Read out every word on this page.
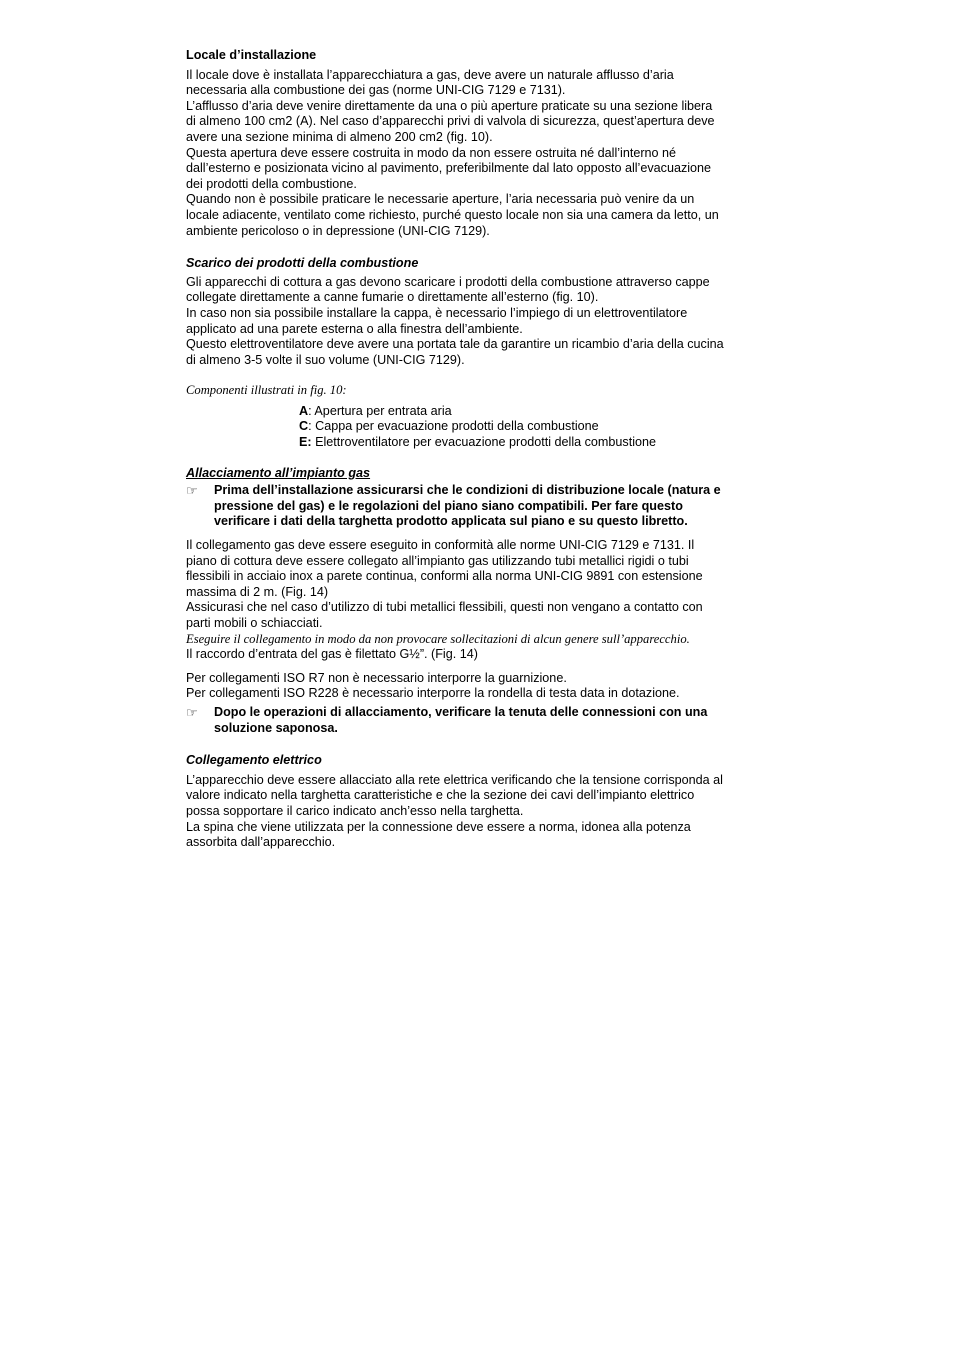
Locale d’installazione

Il locale dove è installata l’apparecchiatura a gas, deve avere un naturale afflusso d’aria

necessaria alla combustione dei gas (norme UNI-CIG 7129 e 7131).

L’afflusso d’aria deve venire direttamente da una o più aperture praticate su una sezione libera

di almeno 100 cm2 (A). Nel caso d’apparecchi privi di valvola di sicurezza, quest’apertura deve

avere una sezione minima di almeno 200 cm2 (fig. 10).

Questa apertura deve essere costruita in modo da non essere ostruita né dall’interno né

dall’esterno e posizionata vicino al pavimento, preferibilmente dal lato opposto all’evacuazione

dei prodotti della combustione.

Quando non è possibile praticare le necessarie aperture, l’aria necessaria può venire da un

locale adiacente, ventilato come richiesto, purché questo locale non sia una camera da letto, un

ambiente pericoloso o in depressione (UNI-CIG 7129).

Scarico dei prodotti della combustione

Gli apparecchi di cottura a gas devono scaricare i prodotti della combustione attraverso cappe

collegate direttamente a canne fumarie o direttamente all’esterno (fig. 10).

In caso non sia possibile installare la cappa, è necessario l’impiego di un elettroventilatore

applicato ad una parete esterna o alla finestra dell’ambiente.

Questo elettroventilatore deve avere una portata tale da garantire un ricambio d’aria della cucina

di almeno 3-5 volte il suo volume (UNI-CIG 7129).

Componenti illustrati in fig. 10:

A: Apertura per entrata aria

C: Cappa per evacuazione prodotti della combustione

E: Elettroventilatore per evacuazione prodotti della combustione

Allacciamento all’impianto gas
☞	Prima dell’installazione assicurarsi che le condizioni di distribuzione locale (natura e

pressione del gas) e le regolazioni del piano siano compatibili. Per fare questo

verificare i dati della targhetta prodotto applicata sul piano e su questo libretto.

Il collegamento gas deve essere eseguito in conformità alle norme UNI-CIG 7129 e 7131. Il

piano di cottura deve essere collegato all’impianto gas utilizzando tubi metallici rigidi o tubi

flessibili in acciaio inox a parete continua, conformi alla norma UNI-CIG 9891 con estensione

massima di 2 m. (Fig. 14)

Assicurasi che nel caso d’utilizzo di tubi metallici flessibili, questi non vengano a contatto con

parti mobili o schiacciati.

Eseguire il collegamento in modo da non provocare sollecitazioni di alcun genere sull’apparecchio.

Il raccordo d’entrata del gas è filettato G½”. (Fig. 14)

Per collegamenti ISO R7 non è necessario interporre la guarnizione.

Per collegamenti ISO R228 è necessario interporre la rondella di testa data in dotazione.

☞	Dopo le operazioni di allacciamento, verificare la tenuta delle connessioni con una

soluzione saponosa.

Collegamento elettrico

L’apparecchio deve essere allacciato alla rete elettrica verificando che la tensione corrisponda al

valore indicato nella targhetta caratteristiche e che la sezione dei cavi dell’impianto elettrico

possa sopportare il carico indicato anch’esso nella targhetta.

La spina che viene utilizzata per la connessione deve essere a norma, idonea alla potenza

assorbita dall’apparecchio.
